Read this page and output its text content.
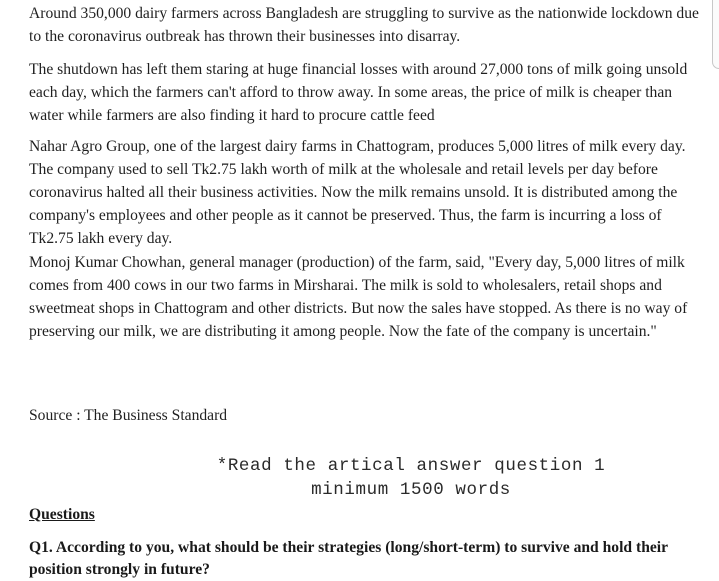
Around 350,000 dairy farmers across Bangladesh are struggling to survive as the nationwide lockdown due to the coronavirus outbreak has thrown their businesses into disarray.

The shutdown has left them staring at huge financial losses with around 27,000 tons of milk going unsold each day, which the farmers can't afford to throw away. In some areas, the price of milk is cheaper than water while farmers are also finding it hard to procure cattle feed

Nahar Agro Group, one of the largest dairy farms in Chattogram, produces 5,000 litres of milk every day. The company used to sell Tk2.75 lakh worth of milk at the wholesale and retail levels per day before coronavirus halted all their business activities. Now the milk remains unsold. It is distributed among the company's employees and other people as it cannot be preserved. Thus, the farm is incurring a loss of Tk2.75 lakh every day.

Monoj Kumar Chowhan, general manager (production) of the farm, said, "Every day, 5,000 litres of milk comes from 400 cows in our two farms in Mirsharai. The milk is sold to wholesalers, retail shops and sweetmeat shops in Chattogram and other districts. But now the sales have stopped. As there is no way of preserving our milk, we are distributing it among people. Now the fate of the company is uncertain."

Source : The Business Standard
*Read the artical answer question 1
minimum 1500 words
Questions

Q1. According to you, what should be their strategies (long/short-term) to survive and hold their position strongly in future?
